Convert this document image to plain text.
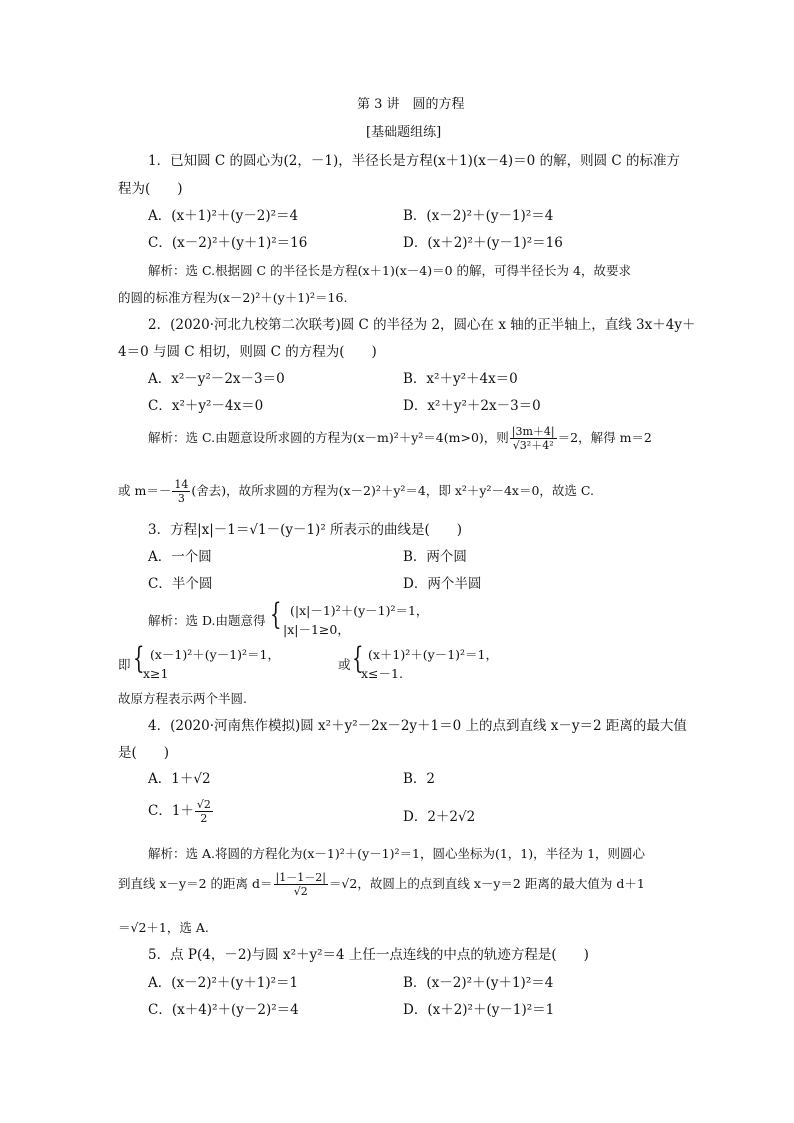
第 3 讲　圆的方程
[基础题组练]
1．已知圆 C 的圆心为(2，－1)，半径长是方程(x＋1)(x－4)＝0 的解，则圆 C 的标准方
程为(　　)
A．(x＋1)²＋(y－2)²＝4	B．(x－2)²＋(y－1)²＝4
C．(x－2)²＋(y＋1)²＝16	D．(x＋2)²＋(y－1)²＝16
解析：选 C.根据圆 C 的半径长是方程(x＋1)(x－4)＝0 的解，可得半径长为 4，故要求
的圆的标准方程为(x－2)²＋(y＋1)²＝16.
2．(2020·河北九校第二次联考)圆 C 的半径为 2，圆心在 x 轴的正半轴上，直线 3x＋4y＋
4＝0 与圆 C 相切，则圆 C 的方程为(　　)
A．x²－y²－2x－3＝0	B．x²＋y²＋4x＝0
C．x²＋y²－4x＝0	D．x²＋y²＋2x－3＝0
解析：选 C.由题意设所求圆的方程为(x－m)²＋y²＝4(m>0)，则 $\frac{|3m+4|}{\text{√3²＋4²}} =2$，解得 m＝2
或 $m=- \frac{14}{3}$ (舍去)，故所求圆的方程为(x－2)²＋y²＝4，即 x²＋y²－4x＝0，故选 C.
3．方程|x|－1＝√1－(y－1)² 所表示的曲线是(　　)
A．一个圆	B．两个圆
C．半个圆	D．两个半圆
解析：选 D.由题意得 { (|x|－1)²＋(y－1)²＝1，
|x|－1≥0，
即 { (x－1)²＋(y－1)²＝1，
x≥1
或 { (x＋1)²＋(y－1)²＝1，
x≤－1.
故原方程表示两个半圆.
4．(2020·河南焦作模拟)圆 x²＋y²－2x－2y＋1＝0 上的点到直线 x－y＝2 距离的最大值
是(　　)
A．1＋√2	B．2
C．$1+ \frac{√2}{2}$	D．2＋2√2
解析：选 A.将圆的方程化为(x－1)²＋(y－1)²＝1，圆心坐标为(1，1)，半径为 1，则圆心
到直线 x－y＝2 的距离 $d= \frac{|1-1-2|}{√2} =√2$，故圆上的点到直线 x－y＝2 距离的最大值为 d＋1
＝√2＋1，选 A.
5．点 P(4，－2)与圆 x²＋y²＝4 上任一点连线的中点的轨迹方程是(　　)
A．(x－2)²＋(y＋1)²＝1	B．(x－2)²＋(y＋1)²＝4
C．(x＋4)²＋(y－2)²＝4	D．(x＋2)²＋(y－1)²＝1
